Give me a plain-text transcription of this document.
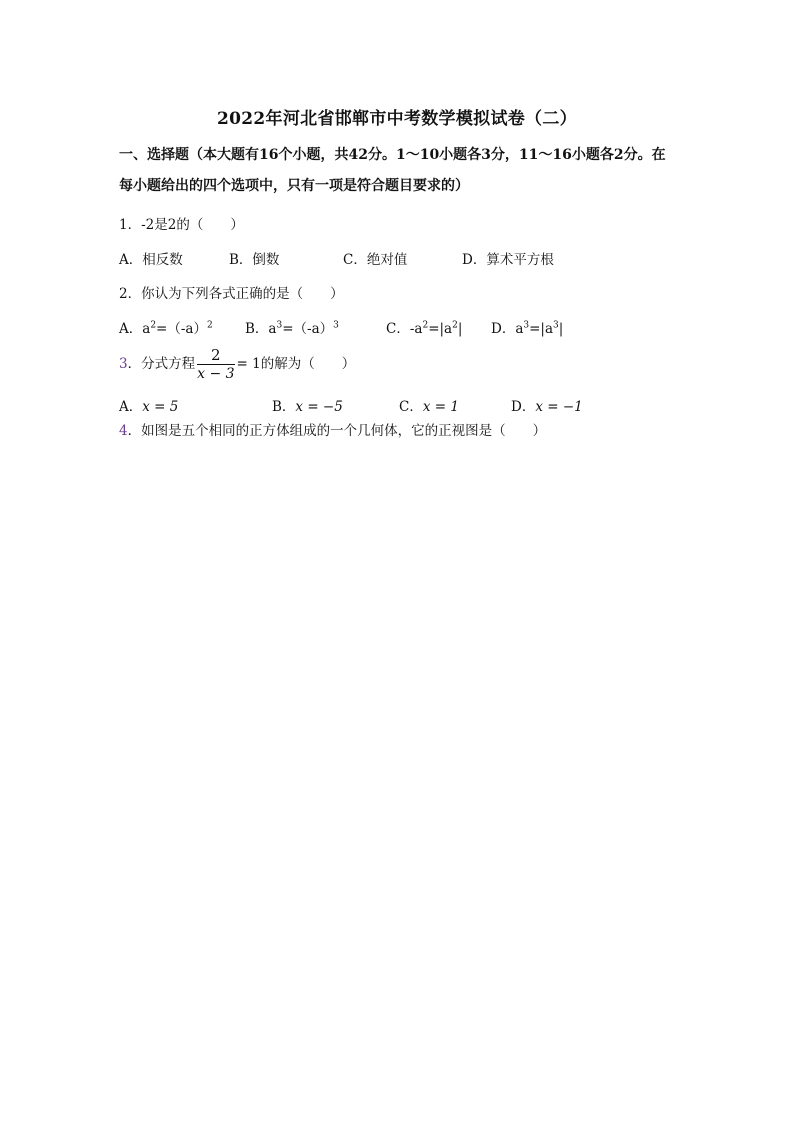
2022年河北省邯郸市中考数学模拟试卷（二）
一、选择题（本大题有16个小题，共42分。1～10小题各3分，11～16小题各2分。在
每小题给出的四个选项中，只有一项是符合题目要求的）
1．-2是2的（　　）
A．相反数	B．倒数	C．绝对值	D．算术平方根
2．你认为下列各式正确的是（　　）
A．$a^2=(-a)^2$ B．$a^3=(-a)^3$	C．$-a^2=|a^2|$ D．$a^3=|a^3|$
3．分式方程 $\frac{2}{x - 3} = 1$的解为（　　）
A．x = 5	B．x = −5	C．x = 1	D．x = −1
4．如图是五个相同的正方体组成的一个几何体，它的正视图是（　　）
